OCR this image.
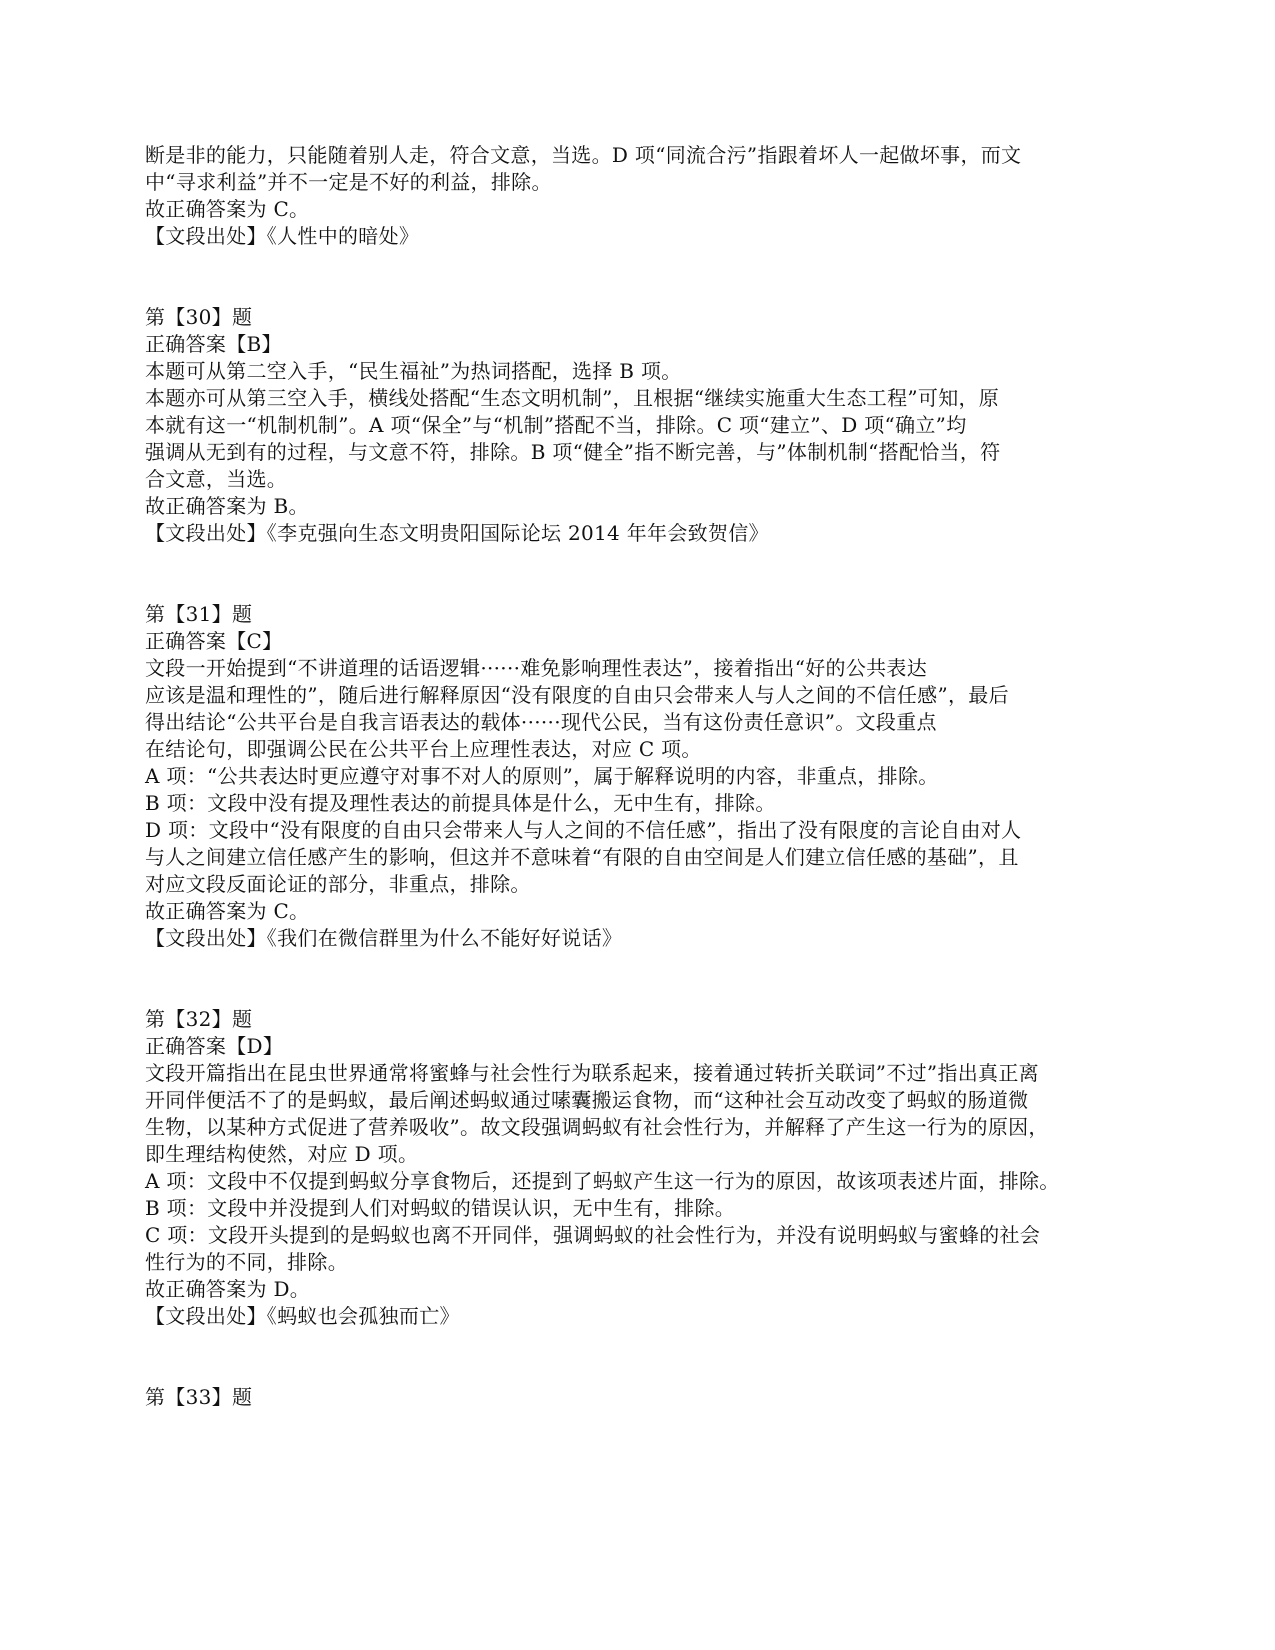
断是非的能力，只能随着别人走，符合文意，当选。D 项“同流合污”指跟着坏人一起做坏事，而文
中“寻求利益”并不一定是不好的利益，排除。
故正确答案为 C。
【文段出处】《人性中的暗处》
第【30】题
正确答案【B】
本题可从第二空入手，“民生福祉”为热词搭配，选择 B 项。
本题亦可从第三空入手，横线处搭配“生态文明机制”，且根据“继续实施重大生态工程”可知，原
本就有这一“机制机制”。A 项“保全”与“机制”搭配不当，排除。C 项“建立”、D 项“确立”均
强调从无到有的过程，与文意不符，排除。B 项“健全”指不断完善，与”体制机制“搭配恰当，符
合文意，当选。
故正确答案为 B。
【文段出处】《李克强向生态文明贵阳国际论坛 2014 年年会致贺信》
第【31】题
正确答案【C】
文段一开始提到“不讲道理的话语逻辑······难免影响理性表达”，接着指出“好的公共表达
应该是温和理性的”，随后进行解释原因“没有限度的自由只会带来人与人之间的不信任感”，最后
得出结论“公共平台是自我言语表达的载体······现代公民，当有这份责任意识”。文段重点
在结论句，即强调公民在公共平台上应理性表达，对应 C 项。
A 项：“公共表达时更应遵守对事不对人的原则”，属于解释说明的内容，非重点，排除。
B 项：文段中没有提及理性表达的前提具体是什么，无中生有，排除。
D 项：文段中“没有限度的自由只会带来人与人之间的不信任感”，指出了没有限度的言论自由对人
与人之间建立信任感产生的影响，但这并不意味着“有限的自由空间是人们建立信任感的基础”，且
对应文段反面论证的部分，非重点，排除。
故正确答案为 C。
【文段出处】《我们在微信群里为什么不能好好说话》
第【32】题
正确答案【D】
文段开篇指出在昆虫世界通常将蜜蜂与社会性行为联系起来，接着通过转折关联词”不过”指出真正离
开同伴便活不了的是蚂蚁，最后阐述蚂蚁通过嗉囊搬运食物，而“这种社会互动改变了蚂蚁的肠道微
生物，以某种方式促进了营养吸收”。故文段强调蚂蚁有社会性行为，并解释了产生这一行为的原因，
即生理结构使然，对应 D 项。
A 项：文段中不仅提到蚂蚁分享食物后，还提到了蚂蚁产生这一行为的原因，故该项表述片面，排除。
B 项：文段中并没提到人们对蚂蚁的错误认识，无中生有，排除。
C 项：文段开头提到的是蚂蚁也离不开同伴，强调蚂蚁的社会性行为，并没有说明蚂蚁与蜜蜂的社会
性行为的不同，排除。
故正确答案为 D。
【文段出处】《蚂蚁也会孤独而亡》
第【33】题
